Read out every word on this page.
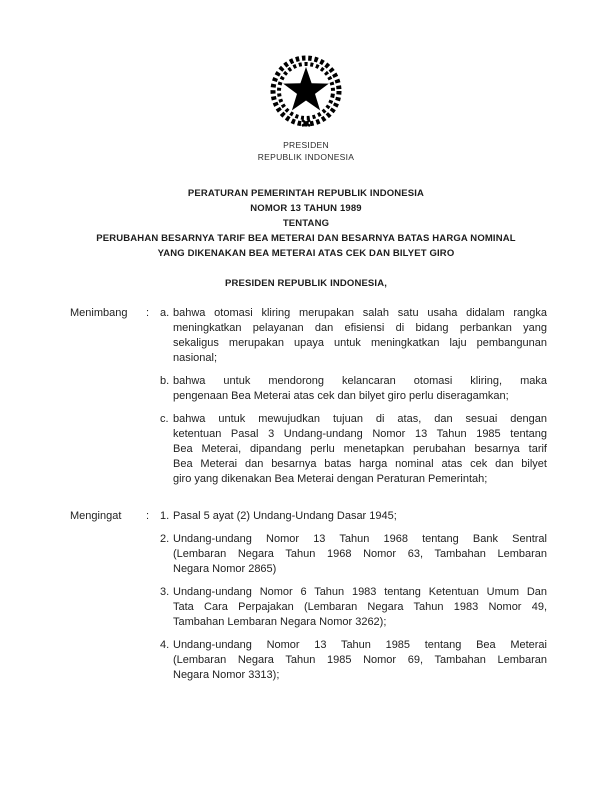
PRESIDEN
REPUBLIK INDONESIA
PERATURAN PEMERINTAH REPUBLIK INDONESIA
NOMOR 13 TAHUN 1989
TENTANG
PERUBAHAN BESARNYA TARIF BEA METERAI DAN BESARNYA BATAS HARGA NOMINAL
YANG DIKENAKAN BEA METERAI ATAS CEK DAN BILYET GIRO
PRESIDEN REPUBLIK INDONESIA,
Menimbang	: a. bahwa otomasi kliring merupakan salah satu usaha didalam rangka
meningkatkan pelayanan dan efisiensi di bidang perbankan yang
sekaligus merupakan upaya untuk meningkatkan laju pembangunan
nasional;
b. bahwa untuk mendorong kelancaran otomasi kliring, maka
pengenaan Bea Meterai atas cek dan bilyet giro perlu diseragamkan;
c. bahwa untuk mewujudkan tujuan di atas, dan sesuai dengan
ketentuan Pasal 3 Undang-undang Nomor 13 Tahun 1985 tentang
Bea Meterai, dipandang perlu menetapkan perubahan besarnya tarif
Bea Meterai dan besarnya batas harga nominal atas cek dan bilyet
giro yang dikenakan Bea Meterai dengan Peraturan Pemerintah;
Mengingat	: 1. Pasal 5 ayat (2) Undang-Undang Dasar 1945;
2. Undang-undang Nomor 13 Tahun 1968 tentang Bank Sentral
(Lembaran Negara Tahun 1968 Nomor 63, Tambahan Lembaran
Negara Nomor 2865)
3. Undang-undang Nomor 6 Tahun 1983 tentang Ketentuan Umum Dan
Tata Cara Perpajakan (Lembaran Negara Tahun 1983 Nomor 49,
Tambahan Lembaran Negara Nomor 3262);
4. Undang-undang Nomor 13 Tahun 1985 tentang Bea Meterai
(Lembaran Negara Tahun 1985 Nomor 69, Tambahan Lembaran
Negara Nomor 3313);
